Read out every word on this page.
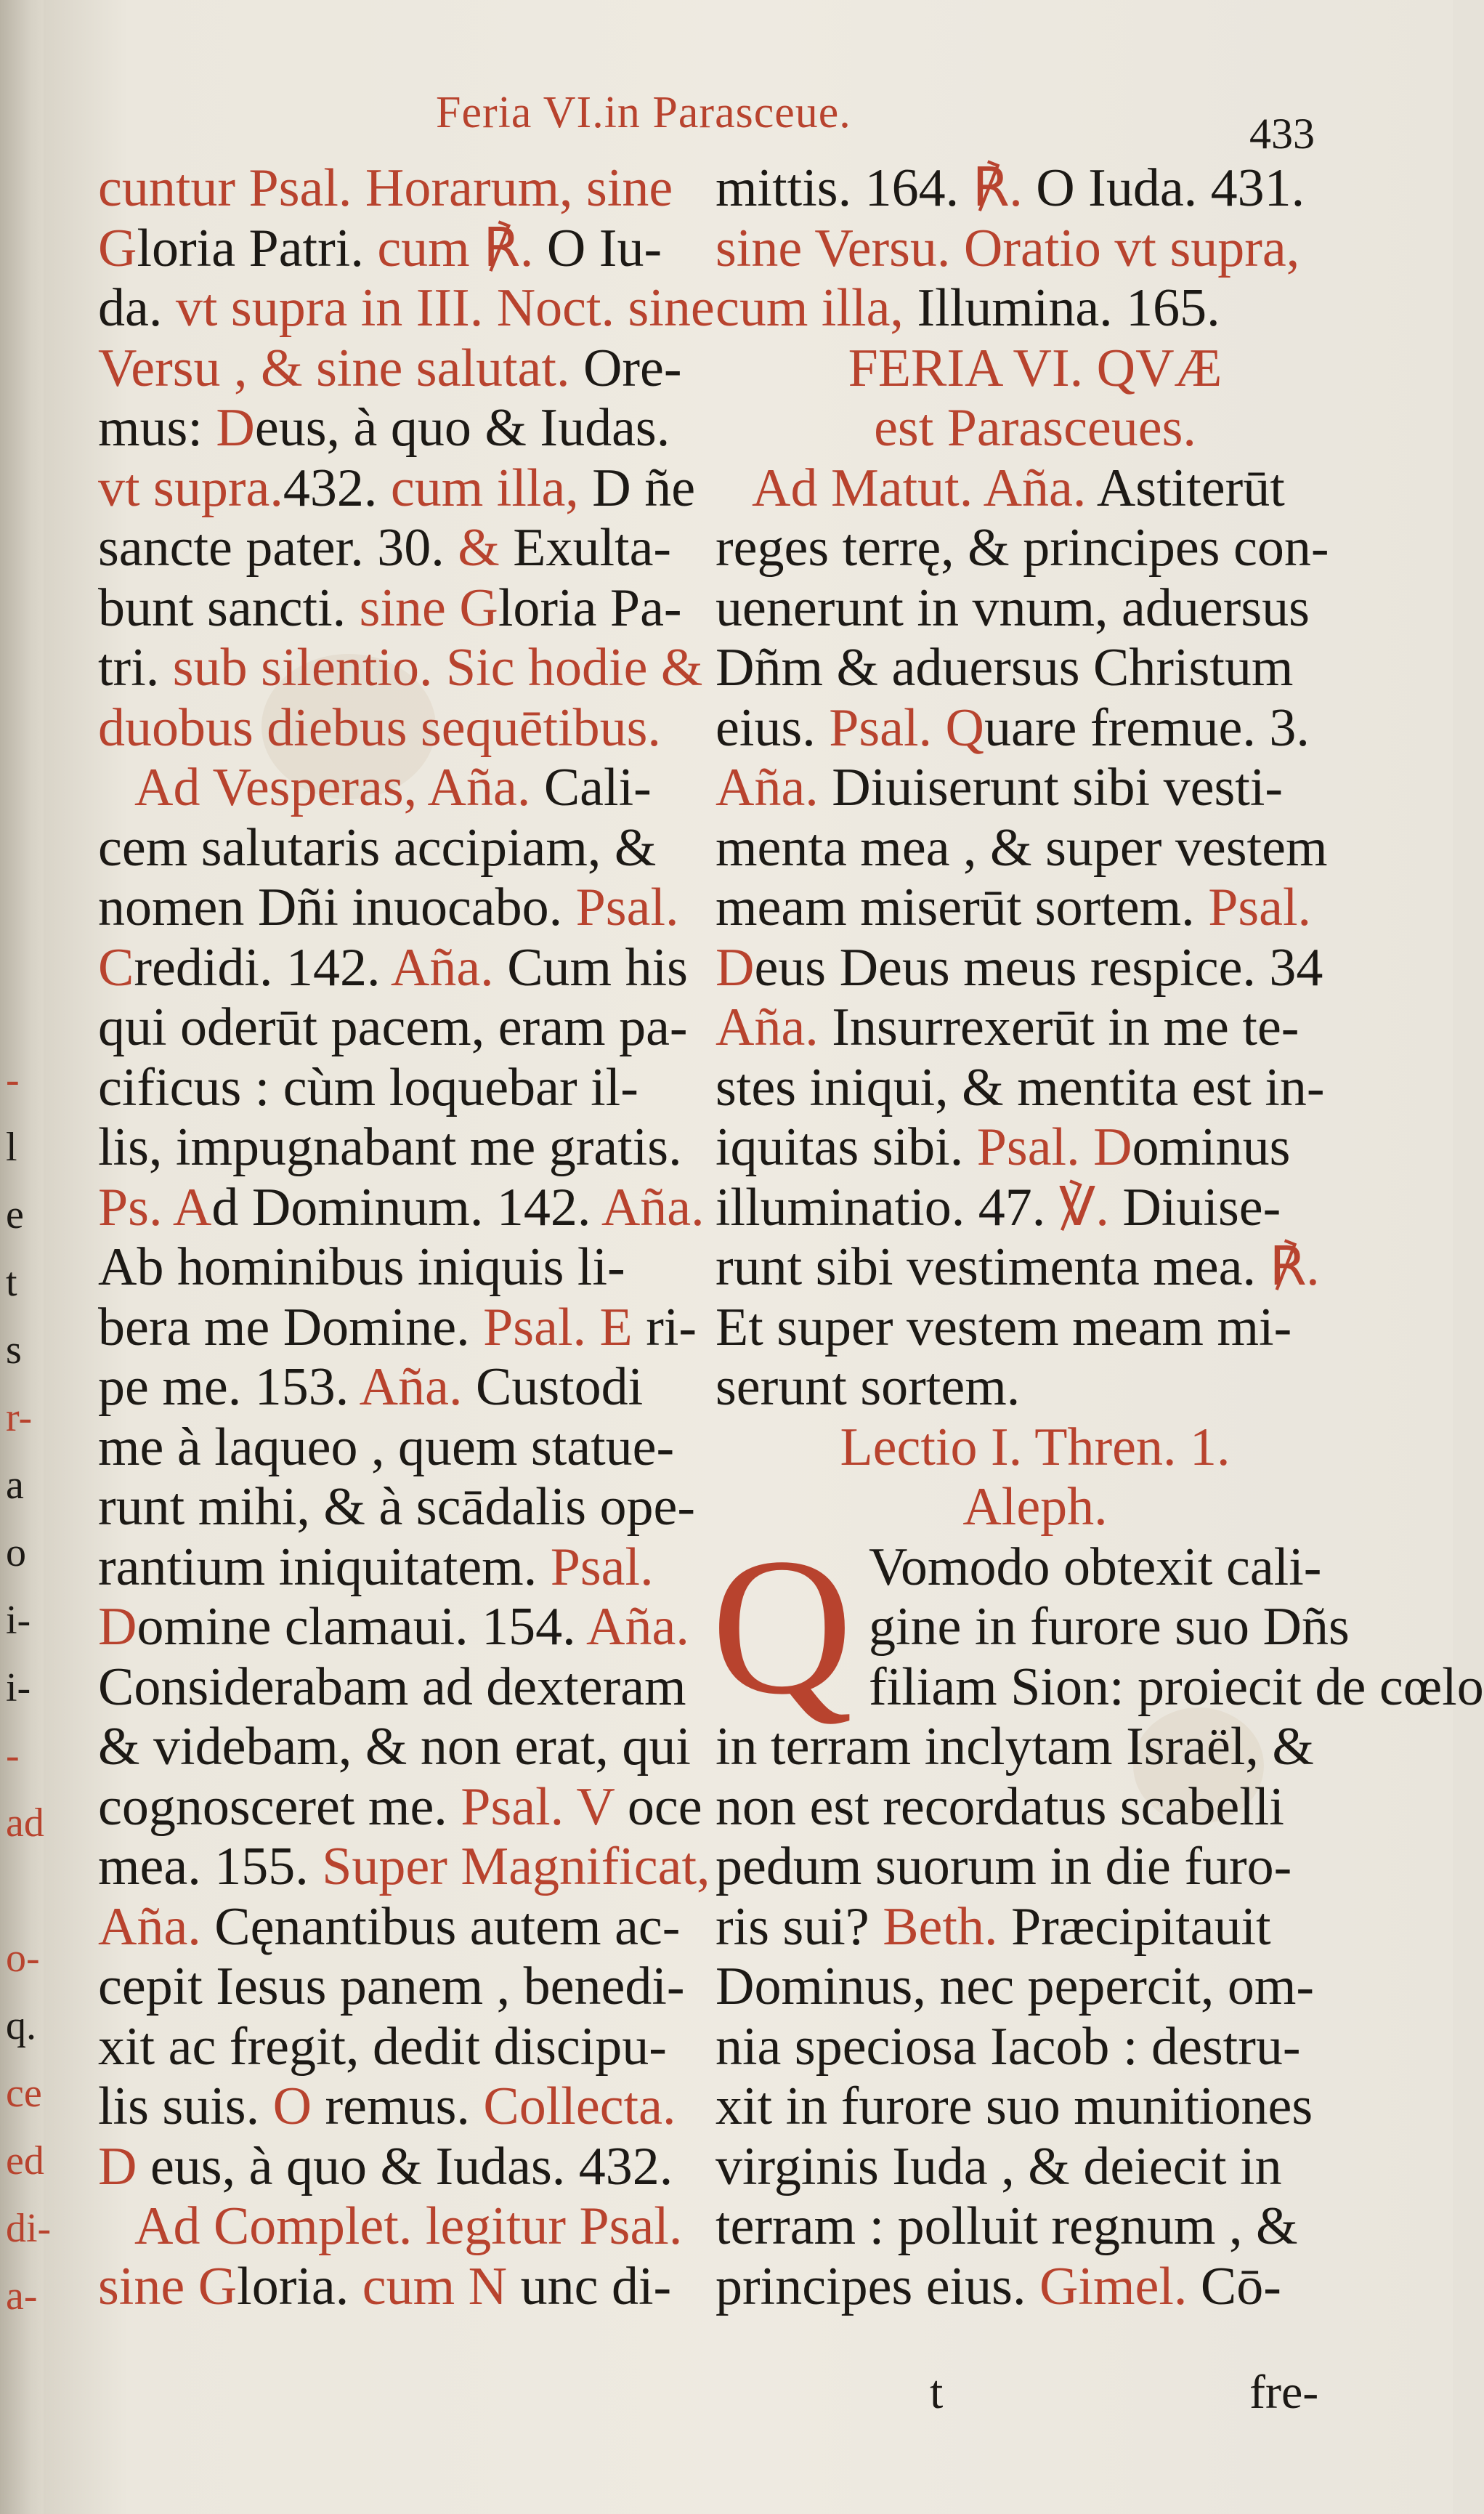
-
l
e
t
s
r-
a
o
i-
i-
-
ad
o-
q.
ce
ed
di-
a-
Feria VI.in Parasceue.	433
cuntur Psal. Horarum, sine
Gloria Patri. cum ℟. O Iu-
da. vt supra in III. Noct. sine
Versu , & sine salutat. Ore-
mus: Deus, à quo & Iudas.
vt supra.432. cum illa, D ñe
sancte pater. 30. & Exulta-
bunt sancti. sine Gloria Pa-
tri. sub silentio. Sic hodie &
duobus diebus sequētibus.
Ad Vesperas, Aña. Cali-
cem salutaris accipiam, &
nomen Dñi inuocabo. Psal.
Credidi. 142. Aña. Cum his
qui oderūt pacem, eram pa-
cificus : cùm loquebar il-
lis, impugnabant me gratis.
Ps. Ad Dominum. 142. Aña.
Ab hominibus iniquis li-
bera me Domine. Psal. E ri-
pe me. 153. Aña. Custodi
me à laqueo , quem statue-
runt mihi, & à scādalis ope-
rantium iniquitatem. Psal.
Domine clamaui. 154. Aña.
Considerabam ad dexteram
& videbam, & non erat, qui
cognosceret me. Psal. V oce
mea. 155. Super Magnificat,
Aña. Cęnantibus autem ac-
cepit Iesus panem , benedi-
xit ac fregit, dedit discipu-
lis suis. O remus. Collecta.
D eus, à quo & Iudas. 432.
Ad Complet. legitur Psal.
sine Gloria. cum N unc di-
mittis. 164. ℟. O Iuda. 431.
sine Versu. Oratio vt supra,
cum illa, Illumina. 165.
FERIA VI. QVÆ
est Parasceues.
Ad Matut. Aña. Astiterūt
reges terrę, & principes con-
uenerunt in vnum, aduersus
Dñm & aduersus Christum
eius. Psal. Quare fremue. 3.
Aña. Diuiserunt sibi vesti-
menta mea , & super vestem
meam miserūt sortem. Psal.
Deus Deus meus respice. 34
Aña. Insurrexerūt in me te-
stes iniqui, & mentita est in-
iquitas sibi. Psal. Dominus
illuminatio. 47. ℣. Diuise-
runt sibi vestimenta mea. ℟.
Et super vestem meam mi-
serunt sortem.
Lectio I. Thren. 1.
Aleph.
Q Vomodo obtexit cali-
gine in furore suo Dñs
filiam Sion: proiecit de cœlo
in terram inclytam Israël, &
non est recordatus scabelli
pedum suorum in die furo-
ris sui? Beth. Præcipitauit
Dominus, nec pepercit, om-
nia speciosa Iacob : destru-
xit in furore suo munitiones
virginis Iuda , & deiecit in
terram : polluit regnum , &
principes eius. Gimel. Cō-
t	fre-
